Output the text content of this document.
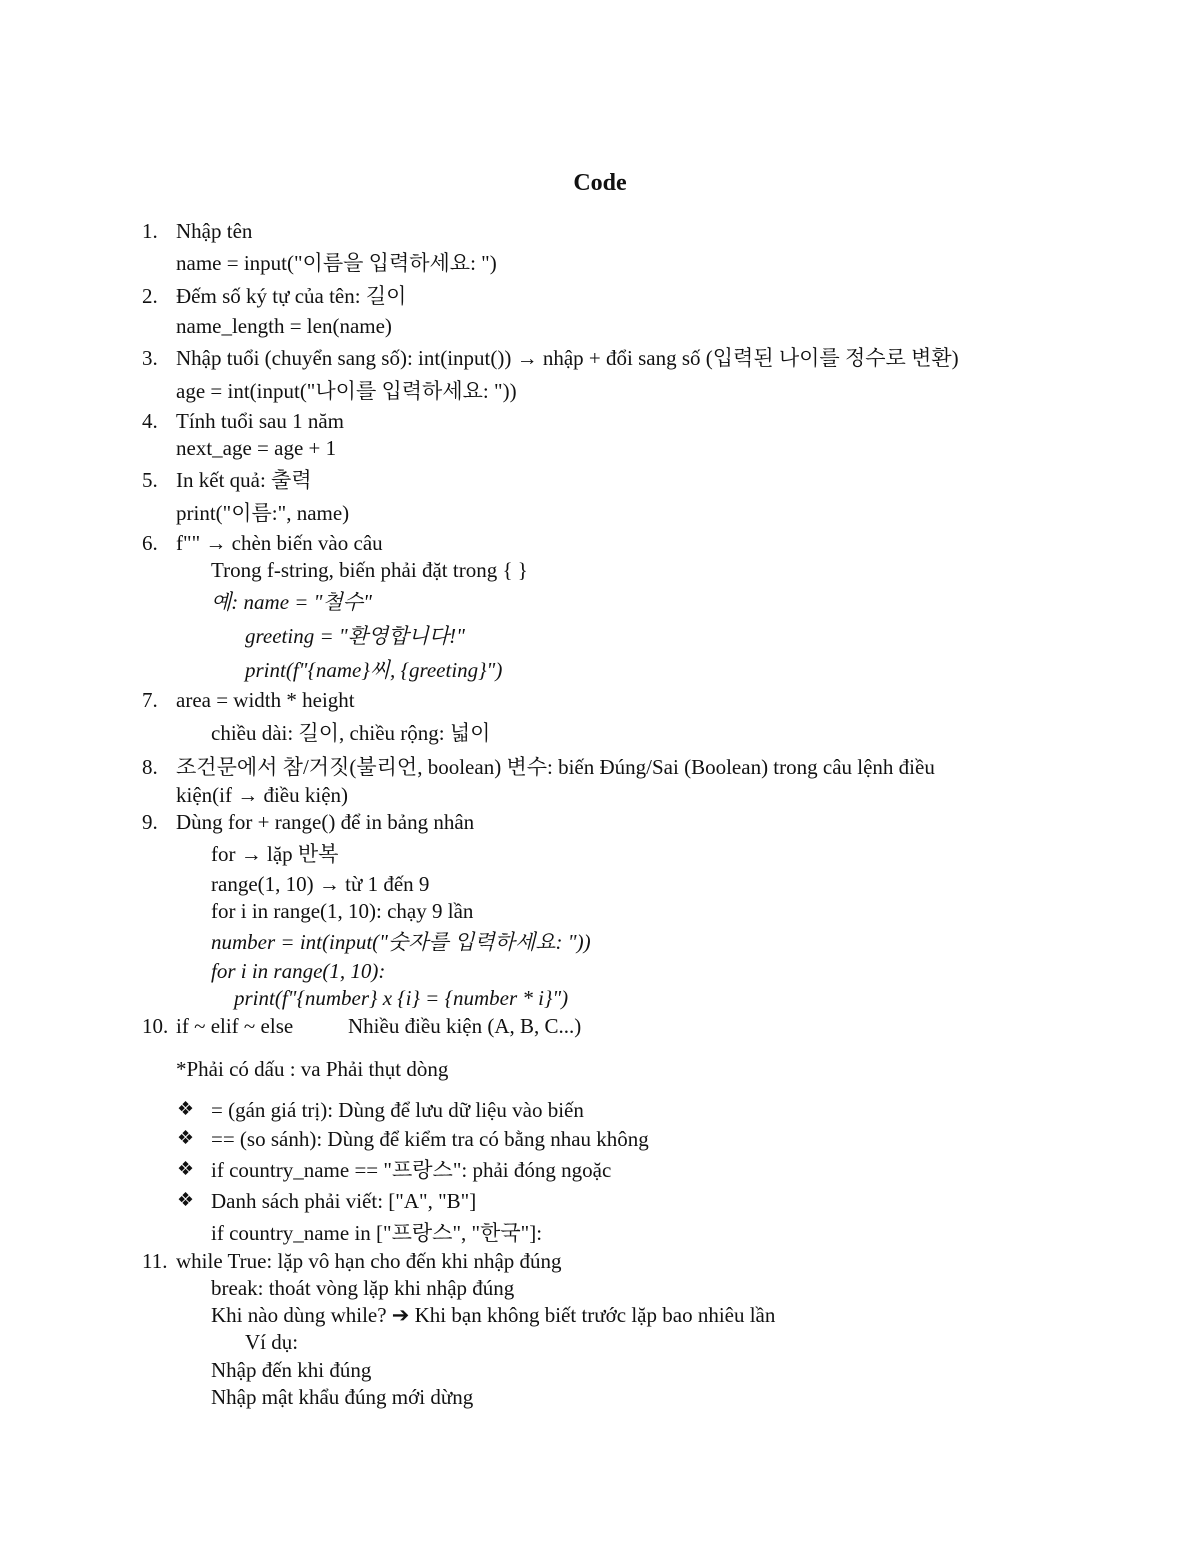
Code
1. Nhập tên
name = input("이름을 입력하세요: ")
2. Đếm số ký tự của tên: 길이
name_length = len(name)
3. Nhập tuổi (chuyển sang số): int(input()) → nhập + đổi sang số (입력된 나이를 정수로 변환)
age = int(input("나이를 입력하세요: "))
4. Tính tuổi sau 1 năm
next_age = age + 1
5. In kết quả: 출력
print("이름:", name)
6. f"" → chèn biến vào câu
Trong f-string, biến phải đặt trong { }
예: name = "철수"
greeting = "환영합니다!"
print(f"{name}씨, {greeting}")
7. area = width * height
chiều dài: 길이, chiều rộng: 넓이
8. 조건문에서 참/거짓(불리언, boolean) 변수: biến Đúng/Sai (Boolean) trong câu lệnh điều
kiện(if → điều kiện)
9. Dùng for + range() để in bảng nhân
for → lặp 반복
range(1, 10) → từ 1 đến 9
for i in range(1, 10): chạy 9 lần
number = int(input("숫자를 입력하세요: "))
for i in range(1, 10):
print(f"{number} x {i} = {number * i}")
10. if ~ elif ~ else	Nhiều điều kiện (A, B, C...)
*Phải có dấu : va Phải thụt dòng
❖ = (gán giá trị): Dùng để lưu dữ liệu vào biến
❖ == (so sánh): Dùng để kiểm tra có bằng nhau không
❖ if country_name == "프랑스": phải đóng ngoặc
❖ Danh sách phải viết: ["A", "B"]
if country_name in ["프랑스", "한국"]:
11. while True: lặp vô hạn cho đến khi nhập đúng
break: thoát vòng lặp khi nhập đúng
Khi nào dùng while? ➔ Khi bạn không biết trước lặp bao nhiêu lần
Ví dụ:
Nhập đến khi đúng
Nhập mật khẩu đúng mới dừng
